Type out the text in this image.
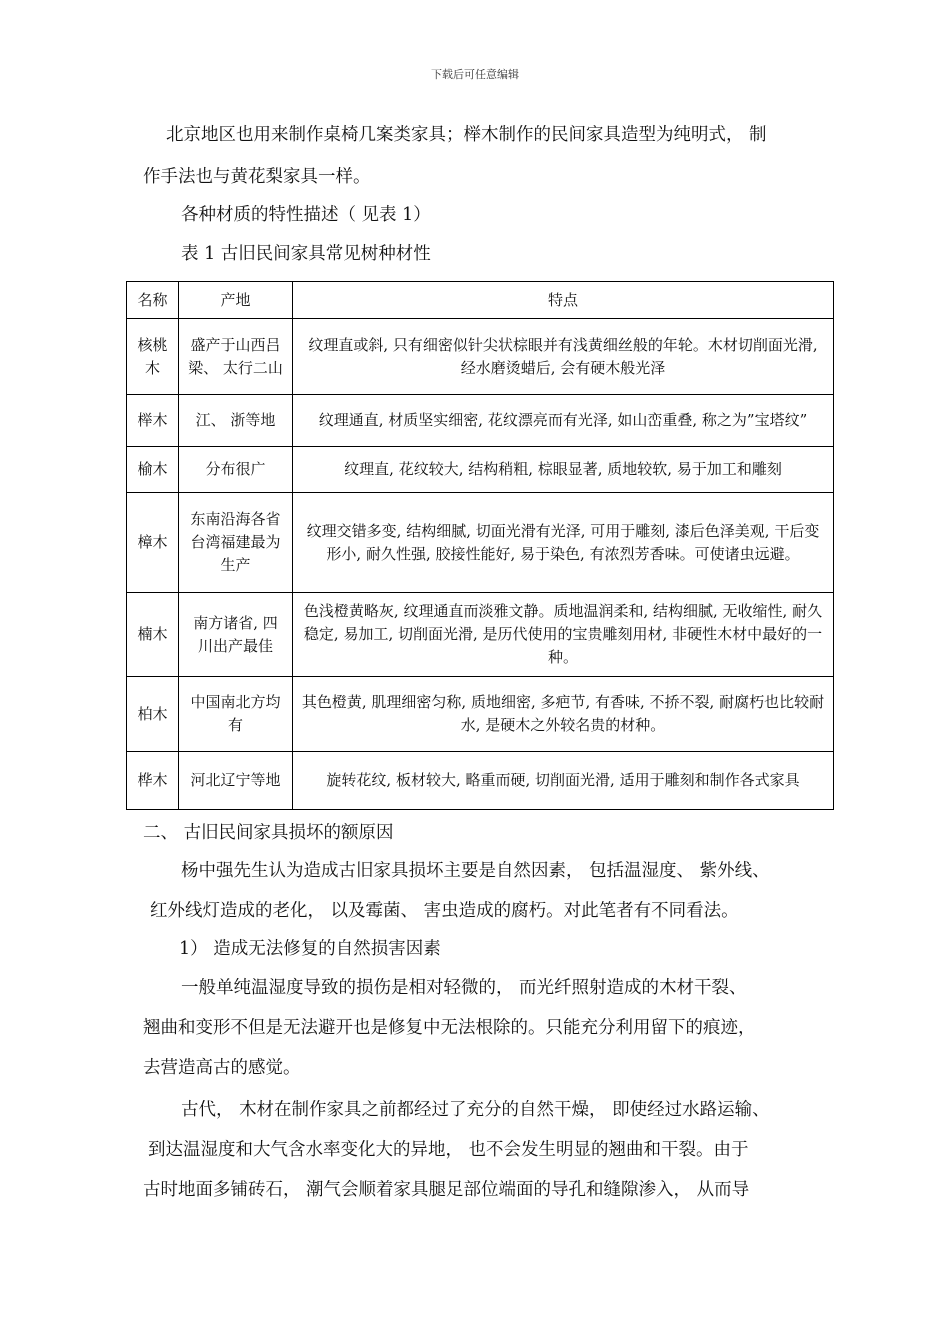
下载后可任意编辑
北京地区也用来制作桌椅几案类家具；榉木制作的民间家具造型为纯明式， 制
作手法也与黄花梨家具一样。
各种材质的特性描述（ 见表 1）
表 1 古旧民间家具常见树种材性
名称	产地	特点
核桃木	盛产于山西吕梁、 太行二山	纹理直或斜, 只有细密似针尖状棕眼并有浅黄细丝般的年轮。木材切削面光滑, 经水磨烫蜡后, 会有硬木般光泽
榉木	江、 浙等地	纹理通直, 材质坚实细密, 花纹漂亮而有光泽, 如山峦重叠, 称之为”宝塔纹”
榆木	分布很广	纹理直, 花纹较大, 结构稍粗, 棕眼显著, 质地较软, 易于加工和雕刻
樟木	东南沿海各省台湾福建最为生产	纹理交错多变, 结构细腻, 切面光滑有光泽, 可用于雕刻, 漆后色泽美观, 干后变形小, 耐久性强, 胶接性能好, 易于染色, 有浓烈芳香味。可使诸虫远避。
楠木	南方诸省, 四川出产最佳	色浅橙黄略灰, 纹理通直而淡雅文静。质地温润柔和, 结构细腻, 无收缩性, 耐久稳定, 易加工, 切削面光滑, 是历代使用的宝贵雕刻用材, 非硬性木材中最好的一种。
柏木	中国南北方均有	其色橙黄, 肌理细密匀称, 质地细密, 多疤节, 有香味, 不挢不裂, 耐腐朽也比较耐水, 是硬木之外较名贵的材种。
桦木	河北辽宁等地	旋转花纹, 板材较大, 略重而硬, 切削面光滑, 适用于雕刻和制作各式家具
二、 古旧民间家具损坏的额原因
杨中强先生认为造成古旧家具损坏主要是自然因素， 包括温湿度、 紫外线、
红外线灯造成的老化， 以及霉菌、 害虫造成的腐朽。对此笔者有不同看法。
1） 造成无法修复的自然损害因素
一般单纯温湿度导致的损伤是相对轻微的， 而光纤照射造成的木材干裂、
翘曲和变形不但是无法避开也是修复中无法根除的。只能充分利用留下的痕迹，
去营造高古的感觉。
古代， 木材在制作家具之前都经过了充分的自然干燥， 即使经过水路运输、
到达温湿度和大气含水率变化大的异地， 也不会发生明显的翘曲和干裂。由于
古时地面多铺砖石， 潮气会顺着家具腿足部位端面的导孔和缝隙渗入， 从而导
